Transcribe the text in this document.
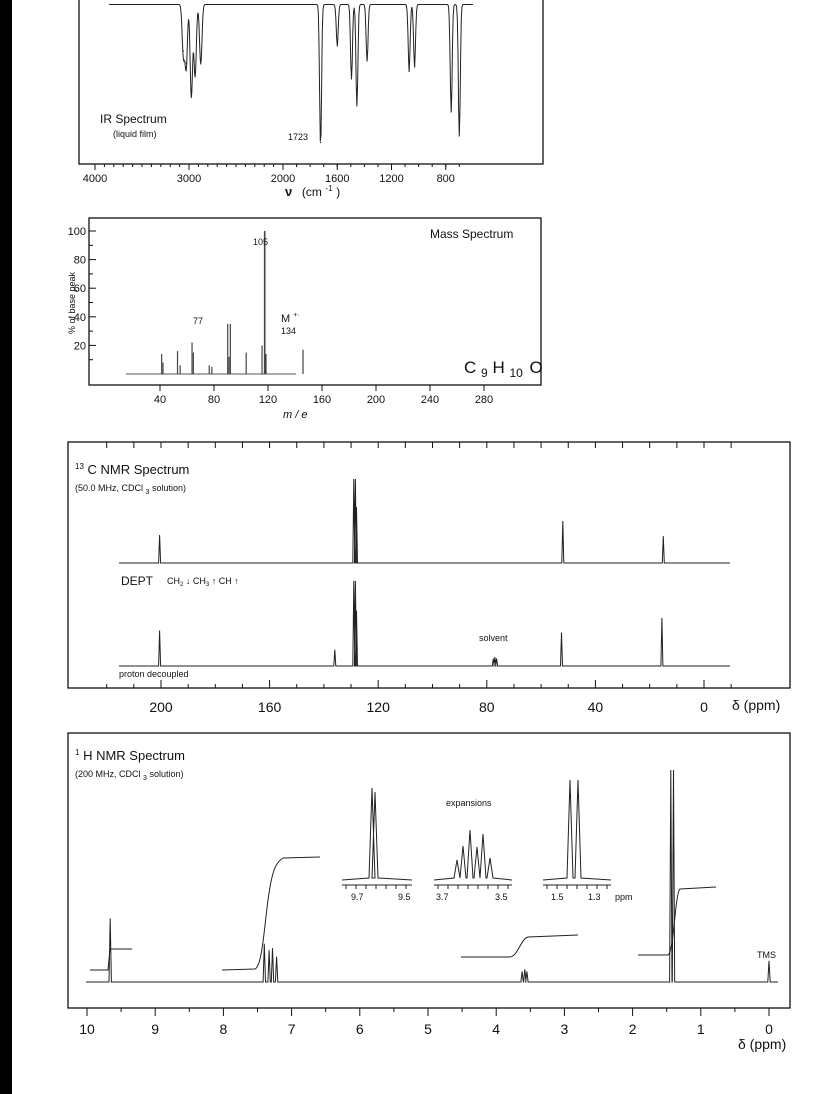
4000	3000	2000	1600	1200	800
IR Spectrum
(liquid film)	1723
ν (cm $^{-1}$ )
40	80	120	160	200	240	280
20
40
60
80
100	Mass Spectrum
105
77	M +·
134
C $_9$ H $_{10}$ O
% of base peak
m / e
200	160	120	80	40	0
$^{13}$ C NMR Spectrum
(50.0 MHz, CDCl $_3$ solution)
DEPT $CH_2$ ↓ $CH_3$ ↑ CH ↑
solvent
proton decoupled
δ (ppm)
10	9	8	7	6	5	4	3	2	1	0
$^1$ H NMR Spectrum
(200 MHz, CDCl $_3$ solution)
expansions
9.7	9.5	3.7	3.5	1.5	1.3 ppm
TMS
δ (ppm)
